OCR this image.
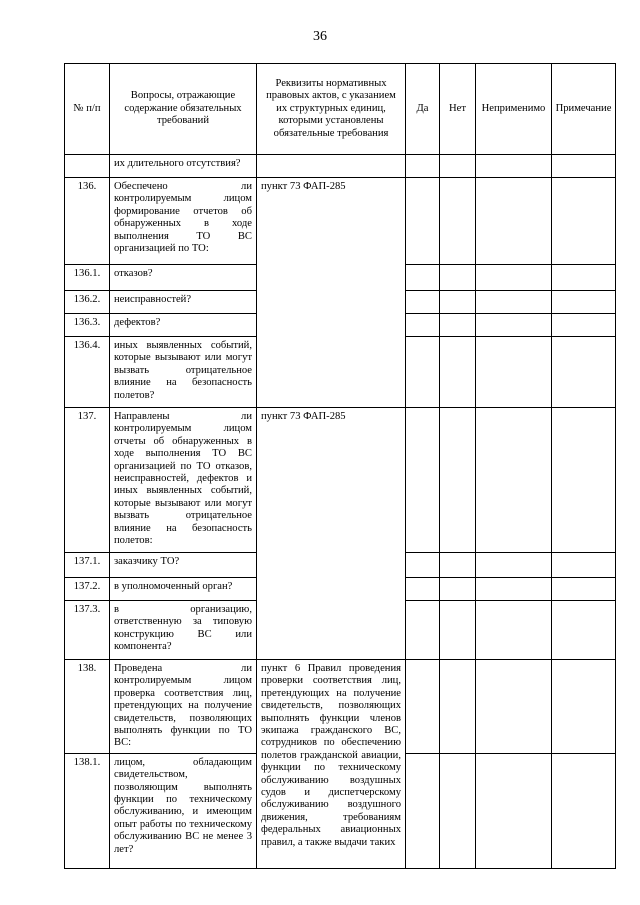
36
№ п/п	Вопросы, отражающие содержание обязательных требований	Реквизиты нормативных правовых актов, с указанием их структурных единиц, которыми установлены обязательные требования	Да	Нет	Неприменимо	Примечание
	их длительного отсутствия?					
136.	Обеспечено ли контролируемым лицом формирование отчетов об обнаруженных в ходе выполнения ТО ВС организацией по ТО:	пункт 73 ФАП-285				
136.1.	отказов?					
136.2.	неисправностей?					
136.3.	дефектов?					
136.4.	иных выявленных событий, которые вызывают или могут вызвать отрицательное влияние на безопасность полетов?					
137.	Направлены ли контролируемым лицом отчеты об обнаруженных в ходе выполнения ТО ВС организацией по ТО отказов, неисправностей, дефектов и иных выявленных событий, которые вызывают или могут вызвать отрицательное влияние на безопасность полетов:	пункт 73 ФАП-285				
137.1.	заказчику ТО?					
137.2.	в уполномоченный орган?					
137.3.	в организацию, ответственную за типовую конструкцию ВС или компонента?					
138.	Проведена ли контролируемым лицом проверка соответствия лиц, претендующих на получение свидетельств, позволяющих выполнять функции по ТО ВС:	пункт 6 Правил проведения проверки соответствия лиц, претендующих на получение свидетельств, позволяющих выполнять функции членов экипажа гражданского ВС, сотрудников по обеспечению полетов гражданской авиации, функции по техническому обслуживанию воздушных судов и диспетчерскому обслуживанию воздушного движения, требованиям федеральных авиационных правил, а также выдачи таких				
138.1.	лицом, обладающим свидетельством, позволяющим выполнять функции по техническому обслуживанию, и имеющим опыт работы по техническому обслуживанию ВС не менее 3 лет?					
